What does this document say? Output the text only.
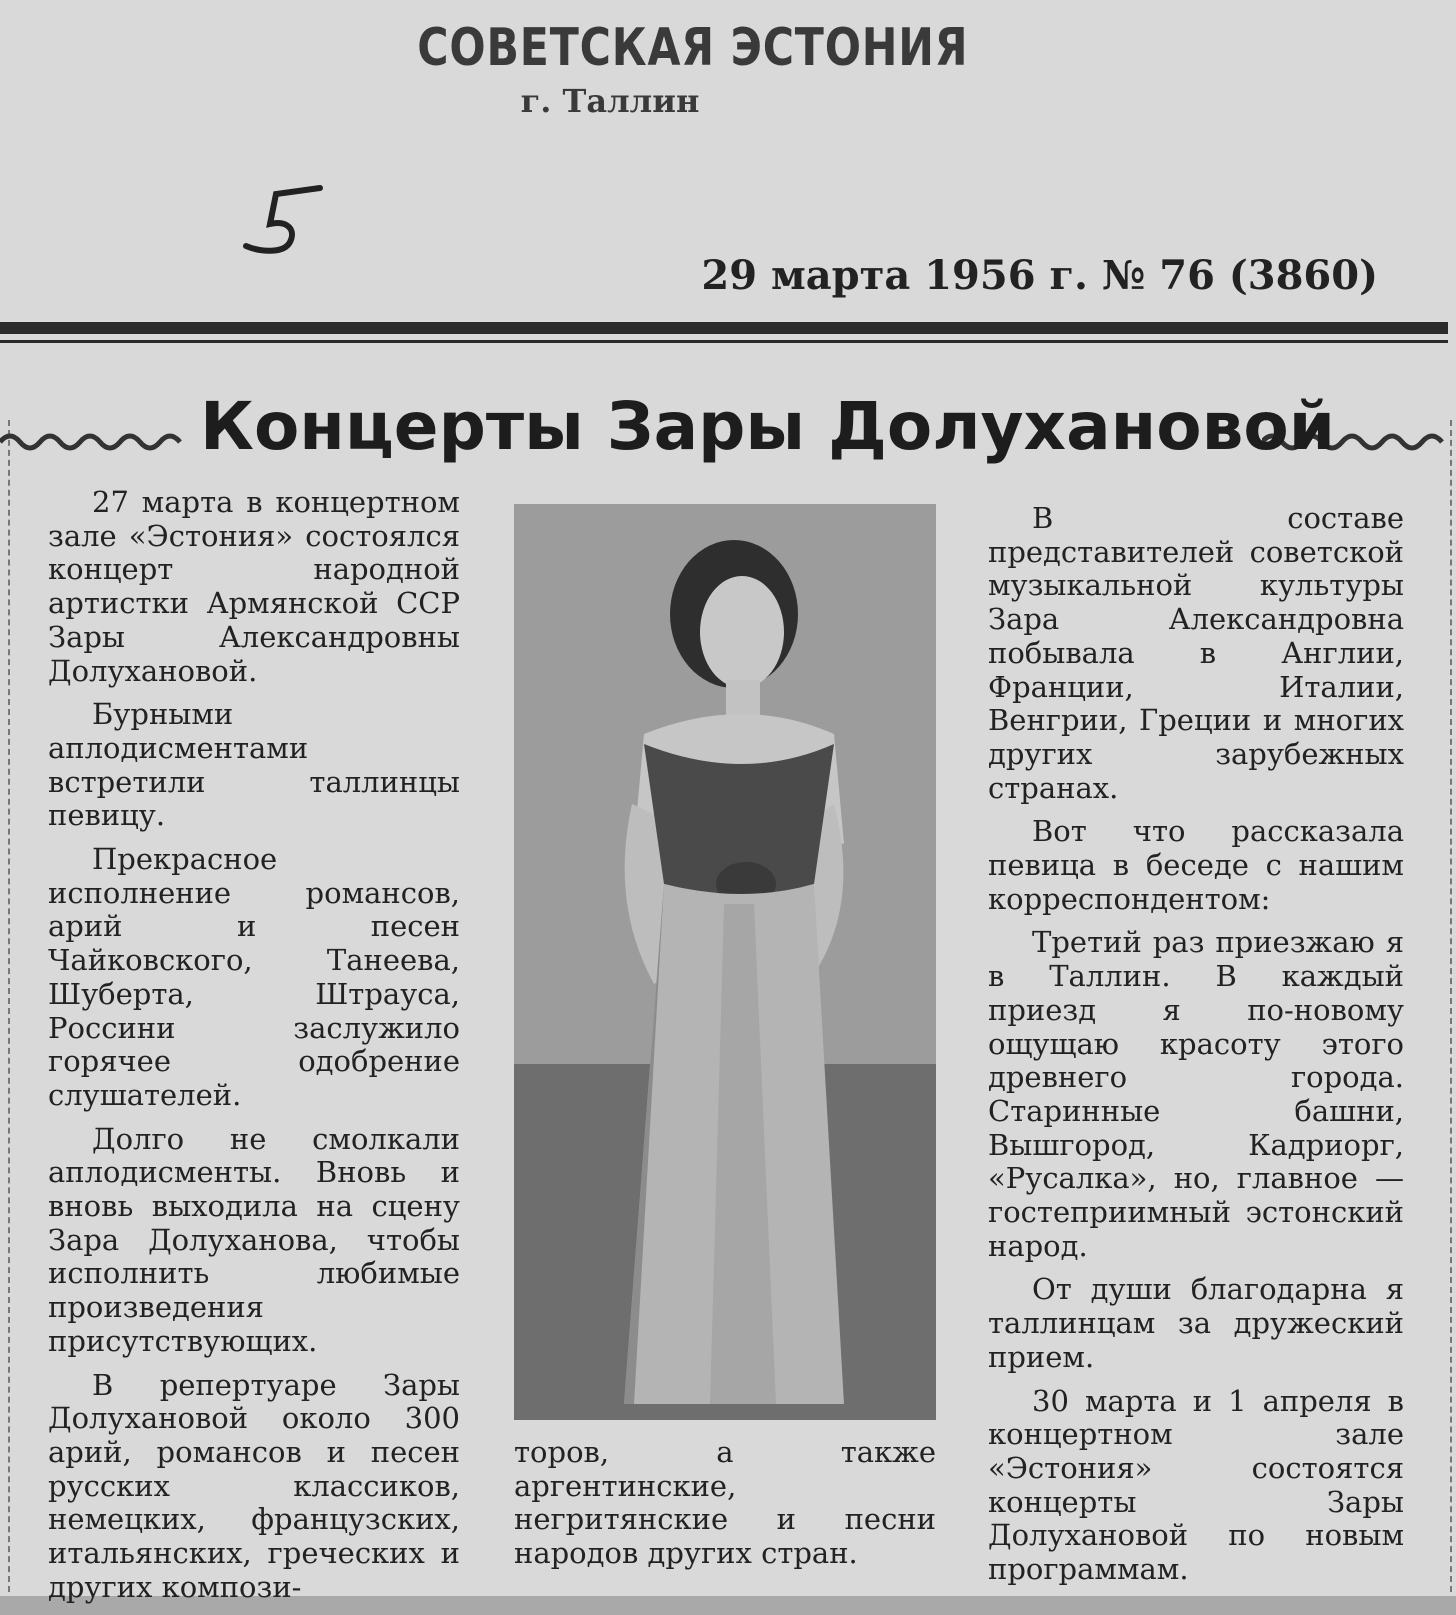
СОВЕТСКАЯ ЭСТОНИЯ
г. Таллин
29 марта 1956 г. № 76 (3860)
Концерты Зары Долухановой

27 марта в концертном зале «Эстония» состоялся концерт народной артистки Армянской ССР Зары Александровны Долухановой.

Бурными аплодисментами встретили таллинцы певицу.

Прекрасное исполнение романсов, арий и песен Чайковского, Танеева, Шуберта, Штрауса, Россини заслужило горячее одобрение слушателей.

Долго не смолкали аплодисменты. Вновь и вновь выходила на сцену Зара Долуханова, чтобы исполнить любимые произведения присутствующих.

В репертуаре Зары Долухановой около 300 арий, романсов и песен русских классиков, немецких, французских, итальянских, греческих и других компози-

торов, а также аргентинские, негритянские и песни народов других стран.

В составе представителей советской музыкальной культуры Зара Александровна побывала в Англии, Франции, Италии, Венгрии, Греции и многих других зарубежных странах.

Вот что рассказала певица в беседе с нашим корреспондентом:

Третий раз приезжаю я в Таллин. В каждый приезд я по-новому ощущаю красоту этого древнего города. Старинные башни, Вышгород, Кадриорг, «Русалка», но, главное — гостеприимный эстонский народ.

От души благодарна я таллинцам за дружеский прием.

30 марта и 1 апреля в концертном зале «Эстония» состоятся концерты Зары Долухановой по новым программам.
